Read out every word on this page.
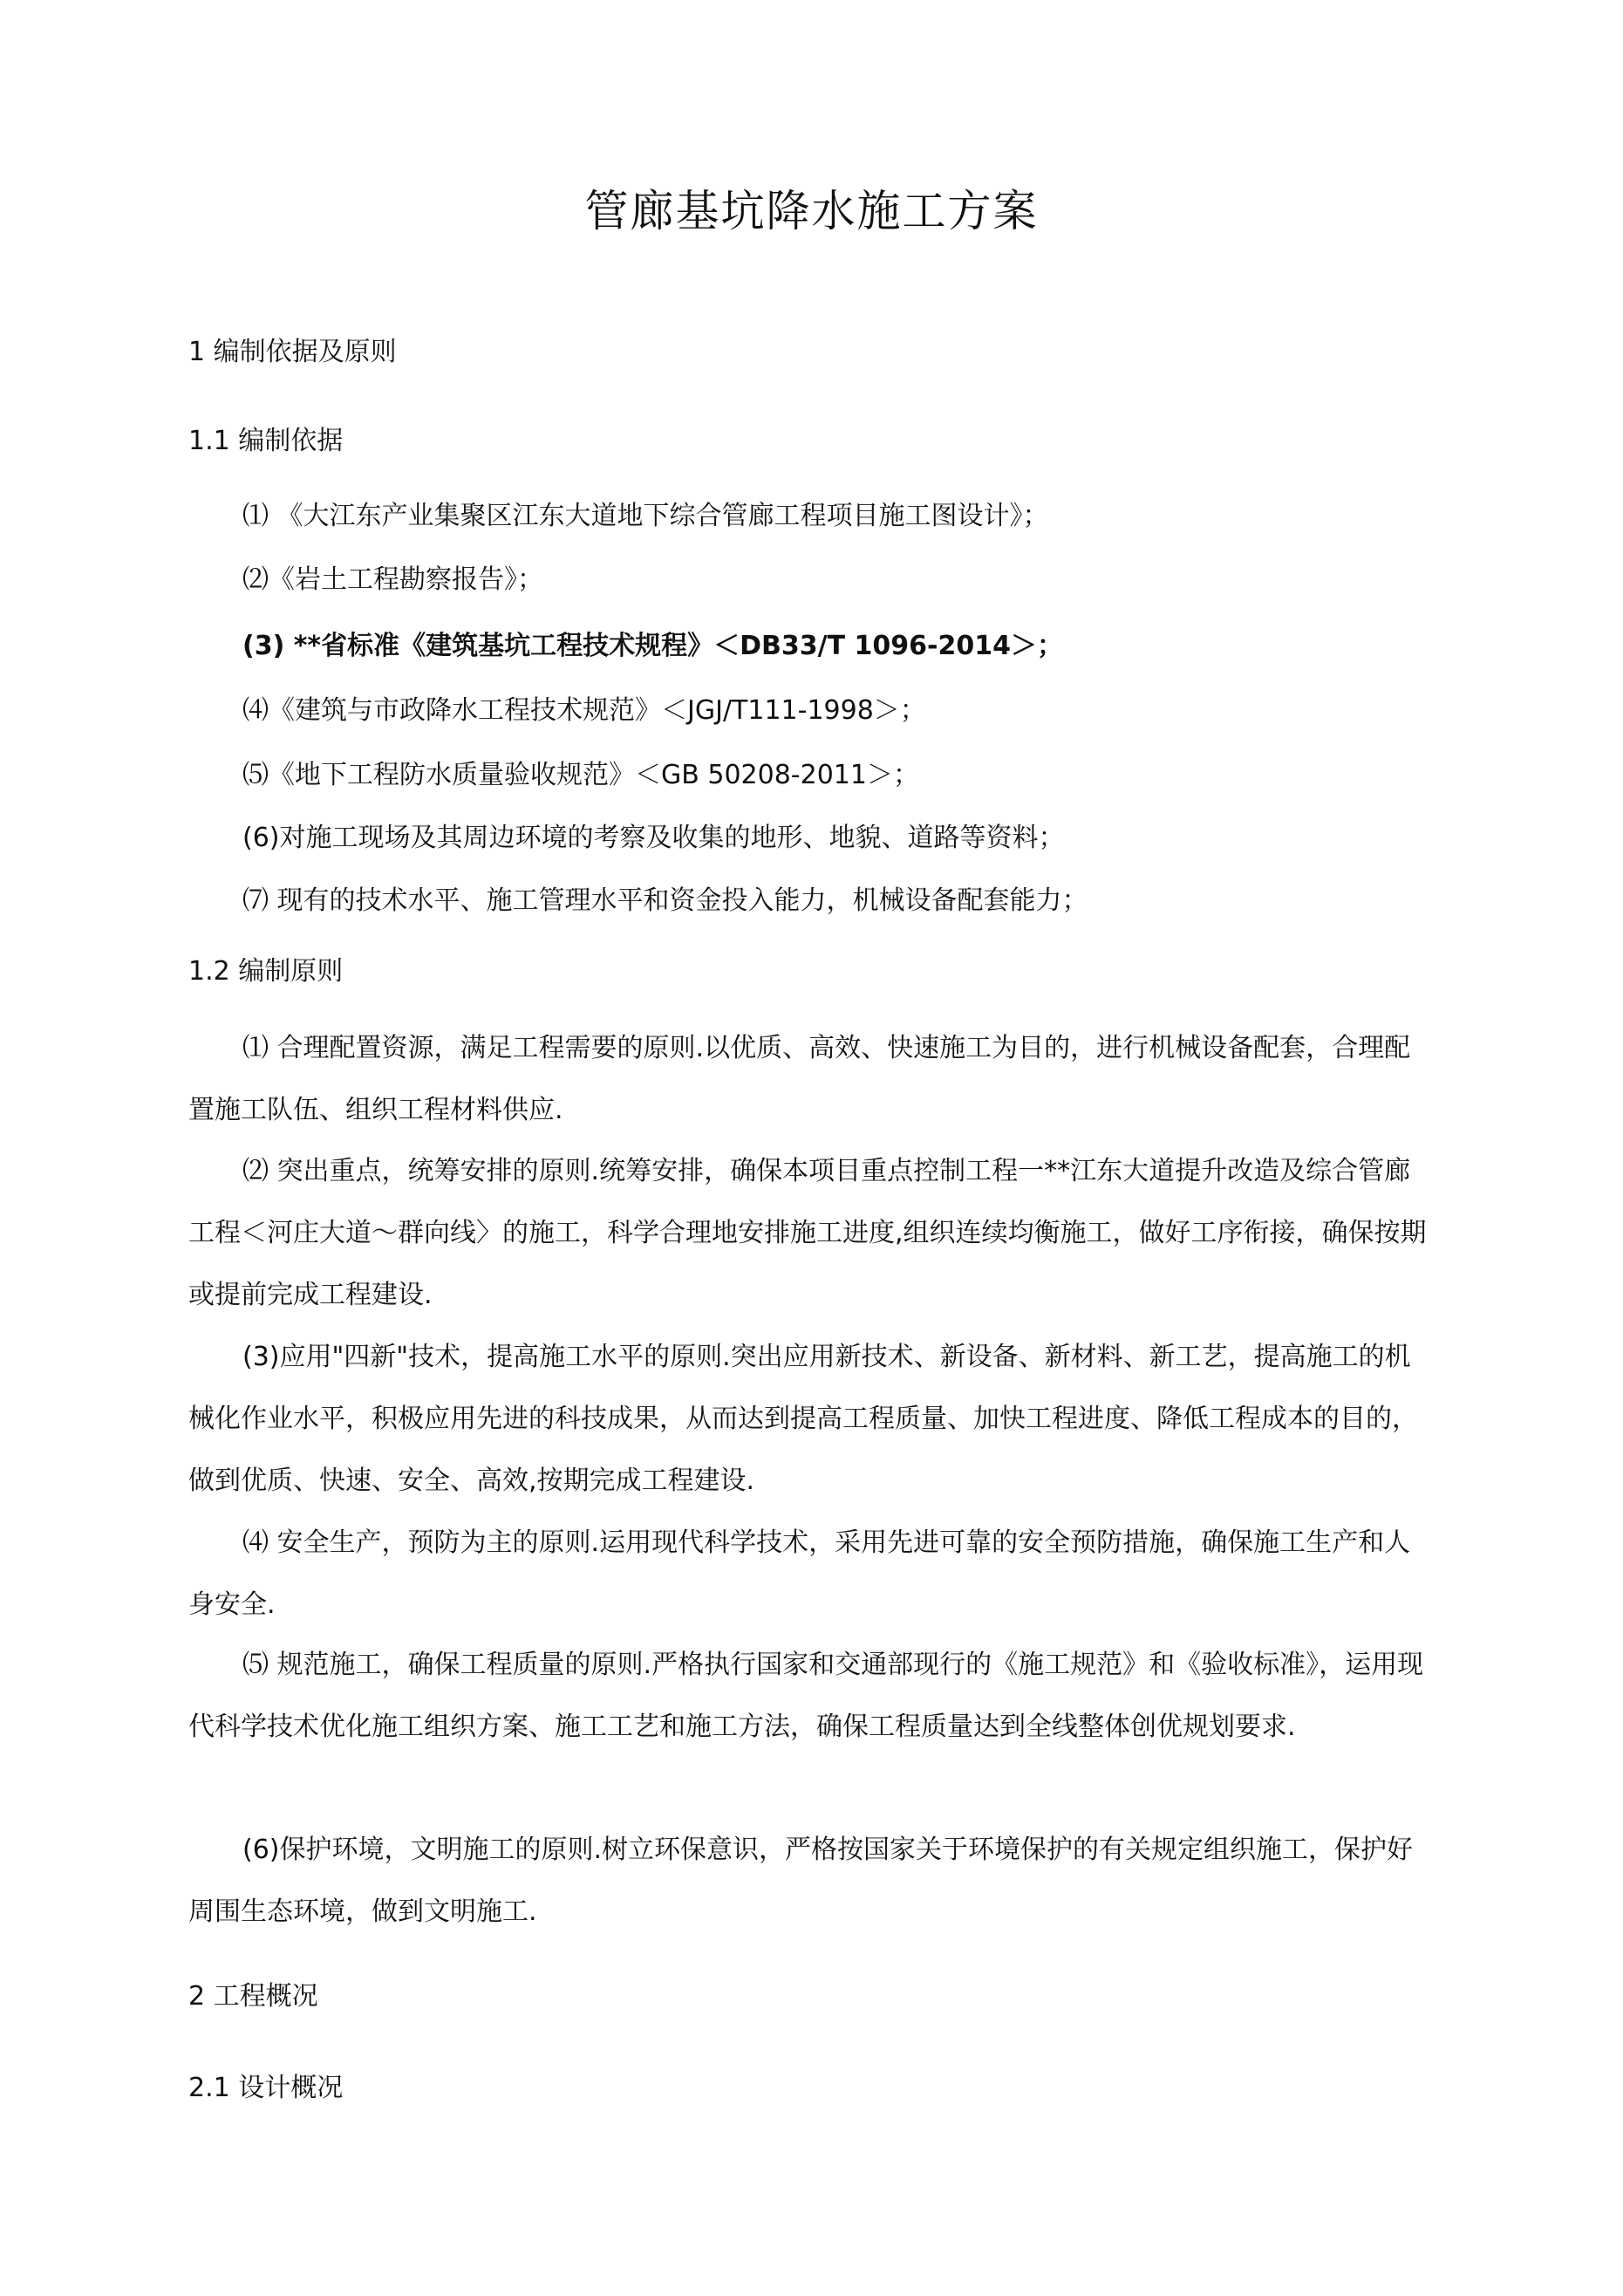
管廊基坑降水施工方案
1 编制依据及原则
1.1 编制依据
⑴ 《大江东产业集聚区江东大道地下综合管廊工程项目施工图设计》；
⑵《岩土工程勘察报告》；
(3) **省标准《建筑基坑工程技术规程》＜DB33/T 1096-2014＞；
⑷《建筑与市政降水工程技术规范》＜JGJ/T111-1998＞；
⑸《地下工程防水质量验收规范》＜GB 50208-2011＞；
(6)对施工现场及其周边环境的考察及收集的地形、地貌、道路等资料；
⑺ 现有的技术水平、施工管理水平和资金投入能力，机械设备配套能力；
1.2 编制原则

⑴ 合理配置资源，满足工程需要的原则.以优质、高效、快速施工为目的，进行机械设备配套，合理配置施工队伍、组织工程材料供应.

⑵ 突出重点，统筹安排的原则.统筹安排，确保本项目重点控制工程一**江东大道提升改造及综合管廊工程＜河庄大道〜群向线〉的施工，科学合理地安排施工进度,组织连续均衡施工，做好工序衔接，确保按期或提前完成工程建设.

(3)应用"四新"技术，提高施工水平的原则.突出应用新技术、新设备、新材料、新工艺，提高施工的机械化作业水平，积极应用先进的科技成果，从而达到提高工程质量、加快工程进度、降低工程成本的目的，做到优质、快速、安全、高效,按期完成工程建设.

⑷ 安全生产，预防为主的原则.运用现代科学技术，采用先进可靠的安全预防措施，确保施工生产和人身安全.

⑸ 规范施工，确保工程质量的原则.严格执行国家和交通部现行的《施工规范》和《验收标准》，运用现代科学技术优化施工组织方案、施工工艺和施工方法，确保工程质量达到全线整体创优规划要求.

(6)保护环境，文明施工的原则.树立环保意识，严格按国家关于环境保护的有关规定组织施工，保护好周围生态环境，做到文明施工.

2 工程概况
2.1 设计概况
